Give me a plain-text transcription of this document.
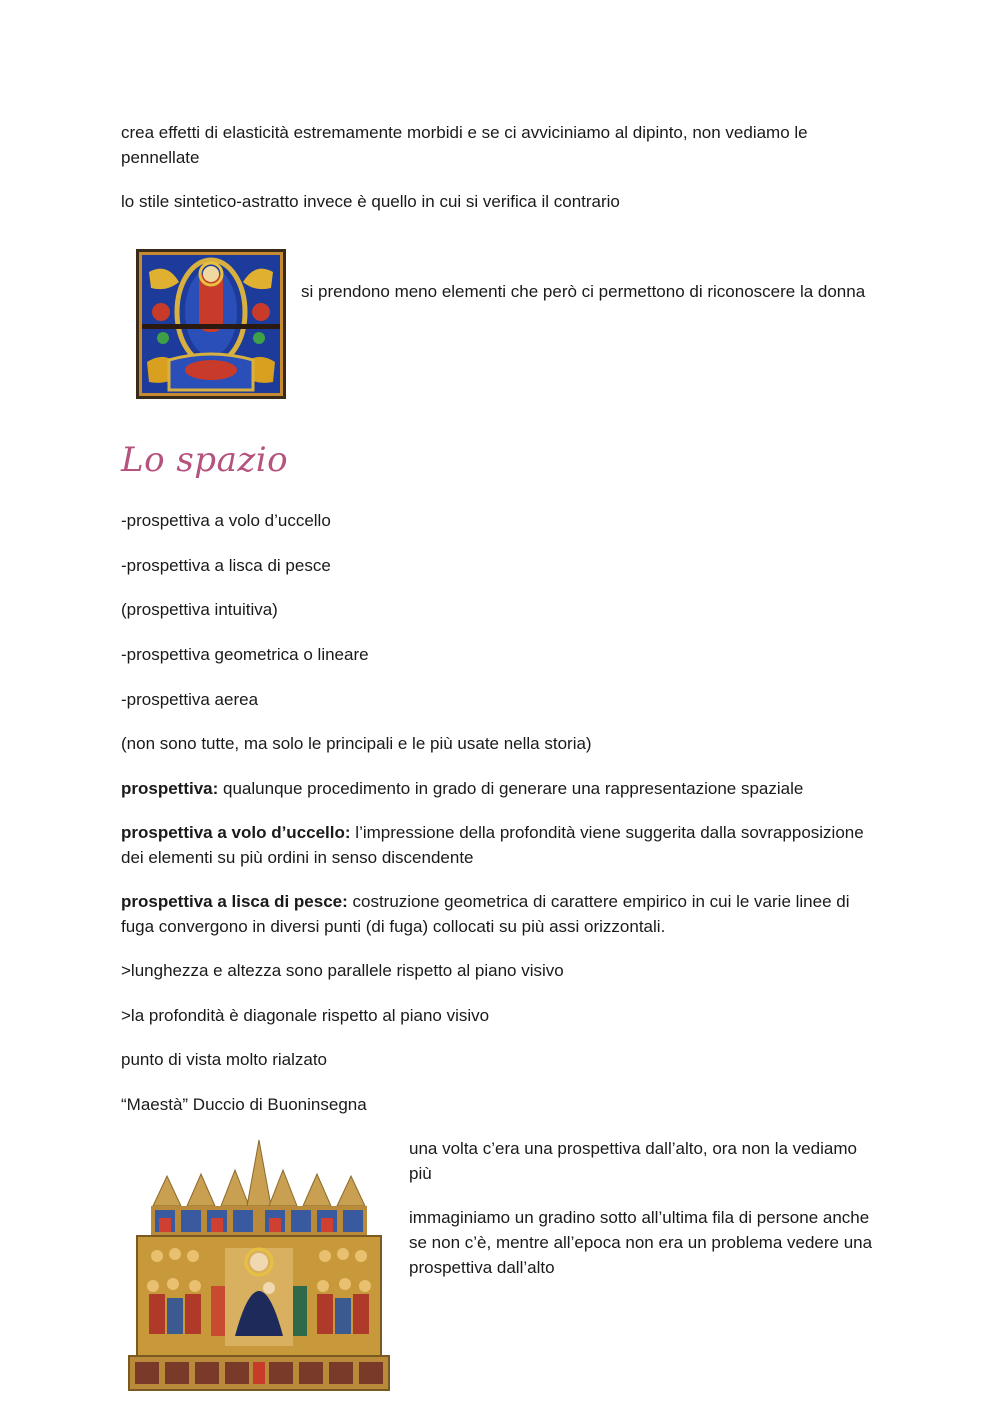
crea effetti di elasticità estremamente morbidi e se ci avviciniamo al dipinto, non vediamo le pennellate

lo stile sintetico-astratto invece è quello in cui si verifica il contrario

si prendono meno elementi che però ci permettono di riconoscere la donna

Lo spazio

-prospettiva a volo d’uccello

-prospettiva a lisca di pesce

(prospettiva intuitiva)

-prospettiva geometrica o lineare

-prospettiva aerea

(non sono tutte, ma solo le principali e le più usate nella storia)

prospettiva: qualunque procedimento in grado di generare una rappresentazione spaziale

prospettiva a volo d’uccello: l’impressione della profondità viene suggerita dalla sovrapposizione dei elementi su più ordini in senso discendente

prospettiva a lisca di pesce: costruzione geometrica di carattere empirico in cui le varie linee di fuga convergono in diversi punti (di fuga) collocati su più assi orizzontali.

>lunghezza e altezza sono parallele rispetto al piano visivo

>la profondità è diagonale rispetto al piano visivo

punto di vista molto rialzato

“Maestà” Duccio di Buoninsegna

una volta c’era una prospettiva dall’alto, ora non la vediamo più

immaginiamo un gradino sotto all’ultima fila di persone anche se non c’è, mentre all’epoca non era un problema vedere una prospettiva dall’alto
